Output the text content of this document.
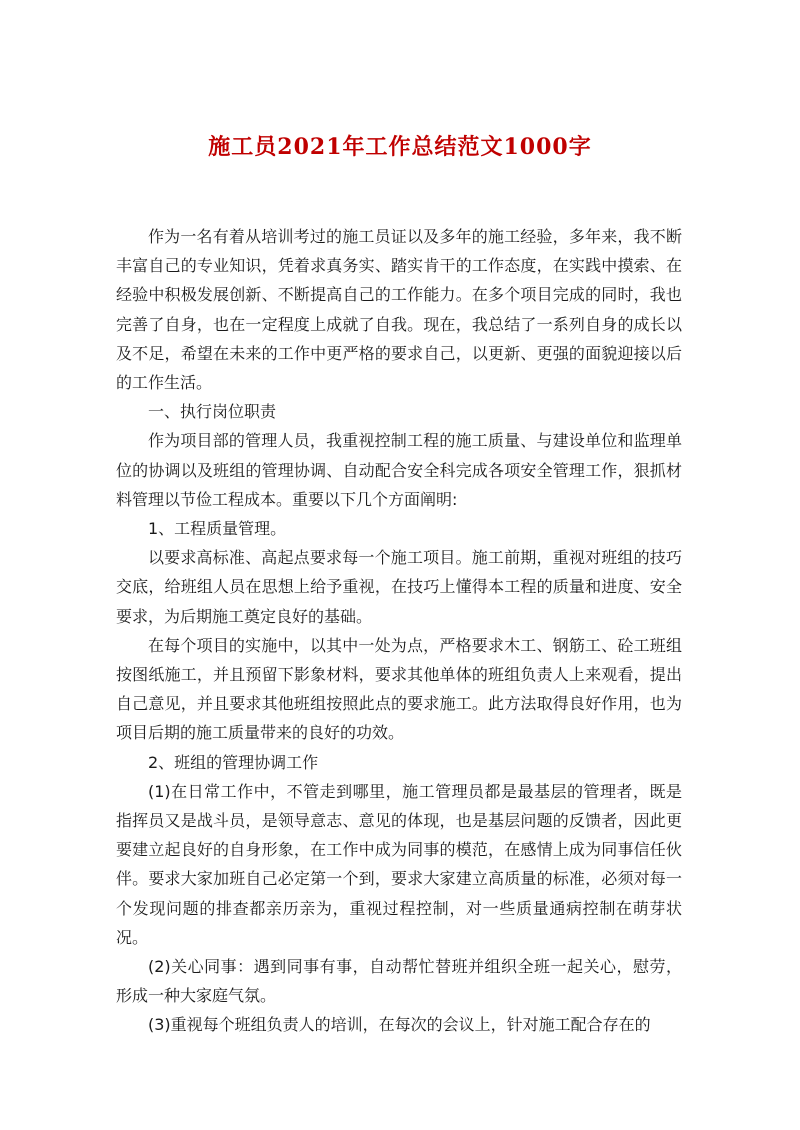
施工员2021年工作总结范文1000字

作为一名有着从培训考过的施工员证以及多年的施工经验，多年来，我不断丰富自己的专业知识，凭着求真务实、踏实肯干的工作态度，在实践中摸索、在经验中积极发展创新、不断提高自己的工作能力。在多个项目完成的同时，我也完善了自身，也在一定程度上成就了自我。现在，我总结了一系列自身的成长以及不足，希望在未来的工作中更严格的要求自己，以更新、更强的面貌迎接以后的工作生活。

一、执行岗位职责

作为项目部的管理人员，我重视控制工程的施工质量、与建设单位和监理单位的协调以及班组的管理协调、自动配合安全科完成各项安全管理工作，狠抓材料管理以节俭工程成本。重要以下几个方面阐明:

1、工程质量管理。

以要求高标准、高起点要求每一个施工项目。施工前期，重视对班组的技巧交底，给班组人员在思想上给予重视，在技巧上懂得本工程的质量和进度、安全要求，为后期施工奠定良好的基础。

在每个项目的实施中，以其中一处为点，严格要求木工、钢筋工、砼工班组按图纸施工，并且预留下影象材料，要求其他单体的班组负责人上来观看，提出自己意见，并且要求其他班组按照此点的要求施工。此方法取得良好作用，也为项目后期的施工质量带来的良好的功效。

2、班组的管理协调工作

(1)在日常工作中，不管走到哪里，施工管理员都是最基层的管理者，既是指挥员又是战斗员，是领导意志、意见的体现，也是基层问题的反馈者，因此更要建立起良好的自身形象，在工作中成为同事的模范，在感情上成为同事信任伙伴。要求大家加班自己必定第一个到，要求大家建立高质量的标准，必须对每一个发现问题的排查都亲历亲为，重视过程控制，对一些质量通病控制在萌芽状况。

(2)关心同事：遇到同事有事，自动帮忙替班并组织全班一起关心，慰劳，形成一种大家庭气氛。

(3)重视每个班组负责人的培训，在每次的会议上，针对施工配合存在的
